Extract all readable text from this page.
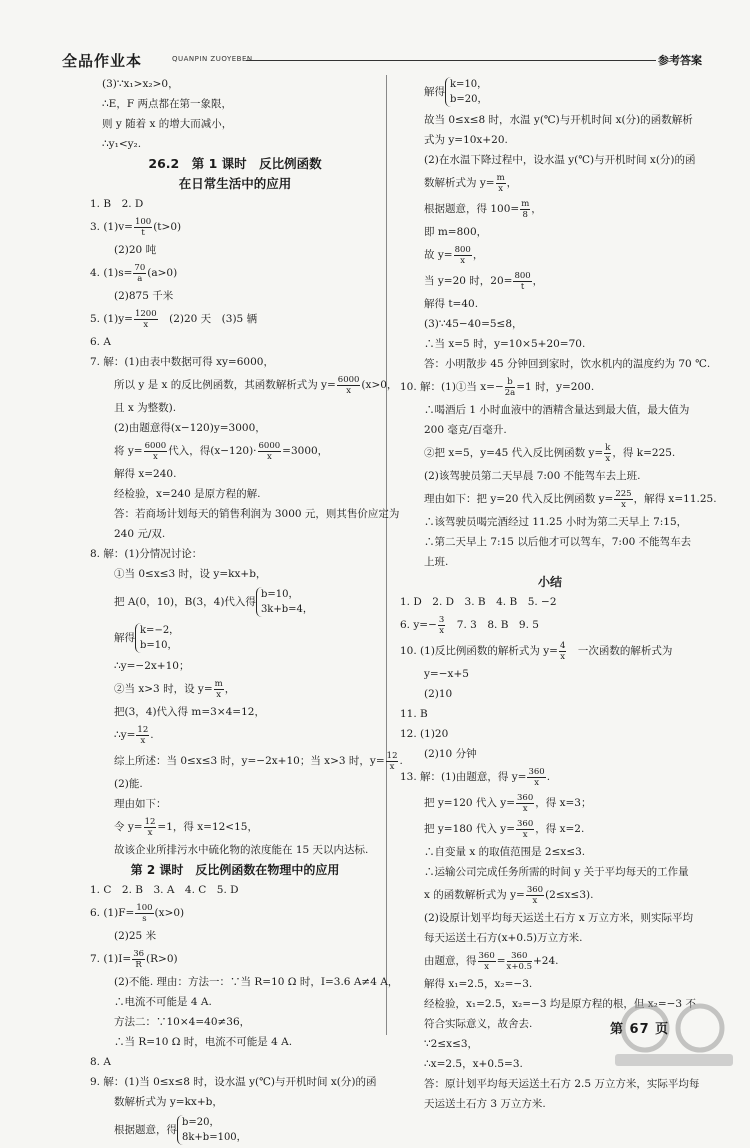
全品作业本	QUANPIN ZUOYEBEN	参考答案
(3)∵x₁>x₂>0，
∴E，F 两点都在第一象限，
则 y 随着 x 的增大而减小，
∴y₁<y₂.
26.2　第 1 课时　反比例函数
在日常生活中的应用
1. B　2. D
3. $(1)v= \frac{100}{t} (t>0)$
(2)20 吨
4. $(1)s= \frac{70}{a} (a>0)$
(2)875 千米
5. $(1)y= \frac{1200}{x}$
  (2)20 天　(3)5 辆
6. A
7. 解：(1)由表中数据可得 xy=6000，
所以 y 是 x 的反比例函数，其函数解析式为 $y= \frac{6000}{x} (x>0$，
且 x 为整数).
(2)由题意得(x−120)y=3000，
将 $y= \frac{6000}{x}$ 代入，得$(x-120)\cdot \frac{6000}{x} =3000$，
解得 x=240.
经检验，x=240 是原方程的解.
答：若商场计划每天的销售利润为 3000 元，则其售价应定为
240 元/双.
8. 解：(1)分情况讨论：
①当 0≤x≤3 时，设 y=kx+b，
把 A(0，10)，B(3，4)代入得
b=10，
3k+b=4，
解得
k=−2，
b=10，
∴y=−2x+10；
②当 x>3 时，设 $y= \frac{m}{x}$ ，
把(3，4)代入得 m=3×4=12，
∴y= $\frac{12}{x}$ .
综上所述：当 0≤x≤3 时，y=−2x+10；当 x>3 时，$y= \frac{12}{x}$ .
(2)能.
理由如下：
令 $y= \frac{12}{x} =1$，得 x=12<15，
故该企业所排污水中硫化物的浓度能在 15 天以内达标.
第 2 课时　反比例函数在物理中的应用
1. C　2. B　3. A　4. C　5. D
6. $(1)F= \frac{100}{s} (x>0)$
(2)25 米
7. $(1)I= \frac{36}{R} (R>0)$
(2)不能. 理由：方法一：∵当 R=10 Ω 时，I=3.6 A≠4 A，
∴电流不可能是 4 A.
方法二：∵10×4=40≠36，
∴当 R=10 Ω 时，电流不可能是 4 A.
8. A
9. 解：(1)当 0≤x≤8 时，设水温 y(℃)与开机时间 x(分)的函
数解析式为 y=kx+b，
根据题意，得
b=20，
8k+b=100，
解得
k=10，
b=20，
故当 0≤x≤8 时，水温 y(℃)与开机时间 x(分)的函数解析
式为 y=10x+20.
(2)在水温下降过程中，设水温 y(℃)与开机时间 x(分)的函
数解析式为 $y= \frac{m}{x}$ ，
根据题意，得 $100= \frac{m}{8}$ ，
即 m=800，
故 $y= \frac{800}{x}$ ，
当 y=20 时，$20= \frac{800}{t}$ ，
解得 t=40.
(3)∵45−40=5≤8，
∴当 x=5 时，y=10×5+20=70.
答：小明散步 45 分钟回到家时，饮水机内的温度约为 70 ℃.
10. 解：(1)①当 $x=- \frac{b}{2a} =1$ 时，y=200.
∴喝酒后 1 小时血液中的酒精含量达到最大值，最大值为
200 毫克/百毫升.
②把 x=5，y=45 代入反比例函数 $y= \frac{k}{x}$ ，得 k=225.
(2)该驾驶员第二天早晨 7:00 不能驾车去上班.
理由如下：把 y=20 代入反比例函数 $y= \frac{225}{x}$ ，解得 x=11.25.
∴该驾驶员喝完酒经过 11.25 小时为第二天早上 7:15，
∴第二天早上 7:15 以后他才可以驾车，7:00 不能驾车去
上班.
小结
1. D　2. D　3. B　4. B　5. −2
6. $y=- \frac{3}{x}$ 　7. 3　8. B　9. 5
10. (1)反比例函数的解析式为 $y= \frac{4}{x}$ 　一次函数的解析式为
y=−x+5
(2)10
11. B
12. (1)20
(2)10 分钟
13. 解：(1)由题意，得 $y= \frac{360}{x}$ .
把 y=120 代入 $y= \frac{360}{x}$ ，得 x=3；
把 y=180 代入 $y= \frac{360}{x}$ ，得 x=2.
∴自变量 x 的取值范围是 2≤x≤3.
∴运输公司完成任务所需的时间 y 关于平均每天的工作量
x 的函数解析式为 $y= \frac{360}{x} (2\le x\le 3)$.
(2)设原计划平均每天运送土石方 x 万立方米，则实际平均
每天运送土石方(x+0.5)万立方米.
由题意，得 $\frac{360}{x} = \frac{360}{x+0.5} +24$.
解得 x₁=2.5，x₂=−3.
经检验，x₁=2.5，x₂=−3 均是原方程的根，但 x₂=−3 不
符合实际意义，故舍去.
∵2≤x≤3，
∴x=2.5，x+0.5=3.
答：原计划平均每天运送土石方 2.5 万立方米，实际平均每
天运送土石方 3 万立方米.
第 67 页
